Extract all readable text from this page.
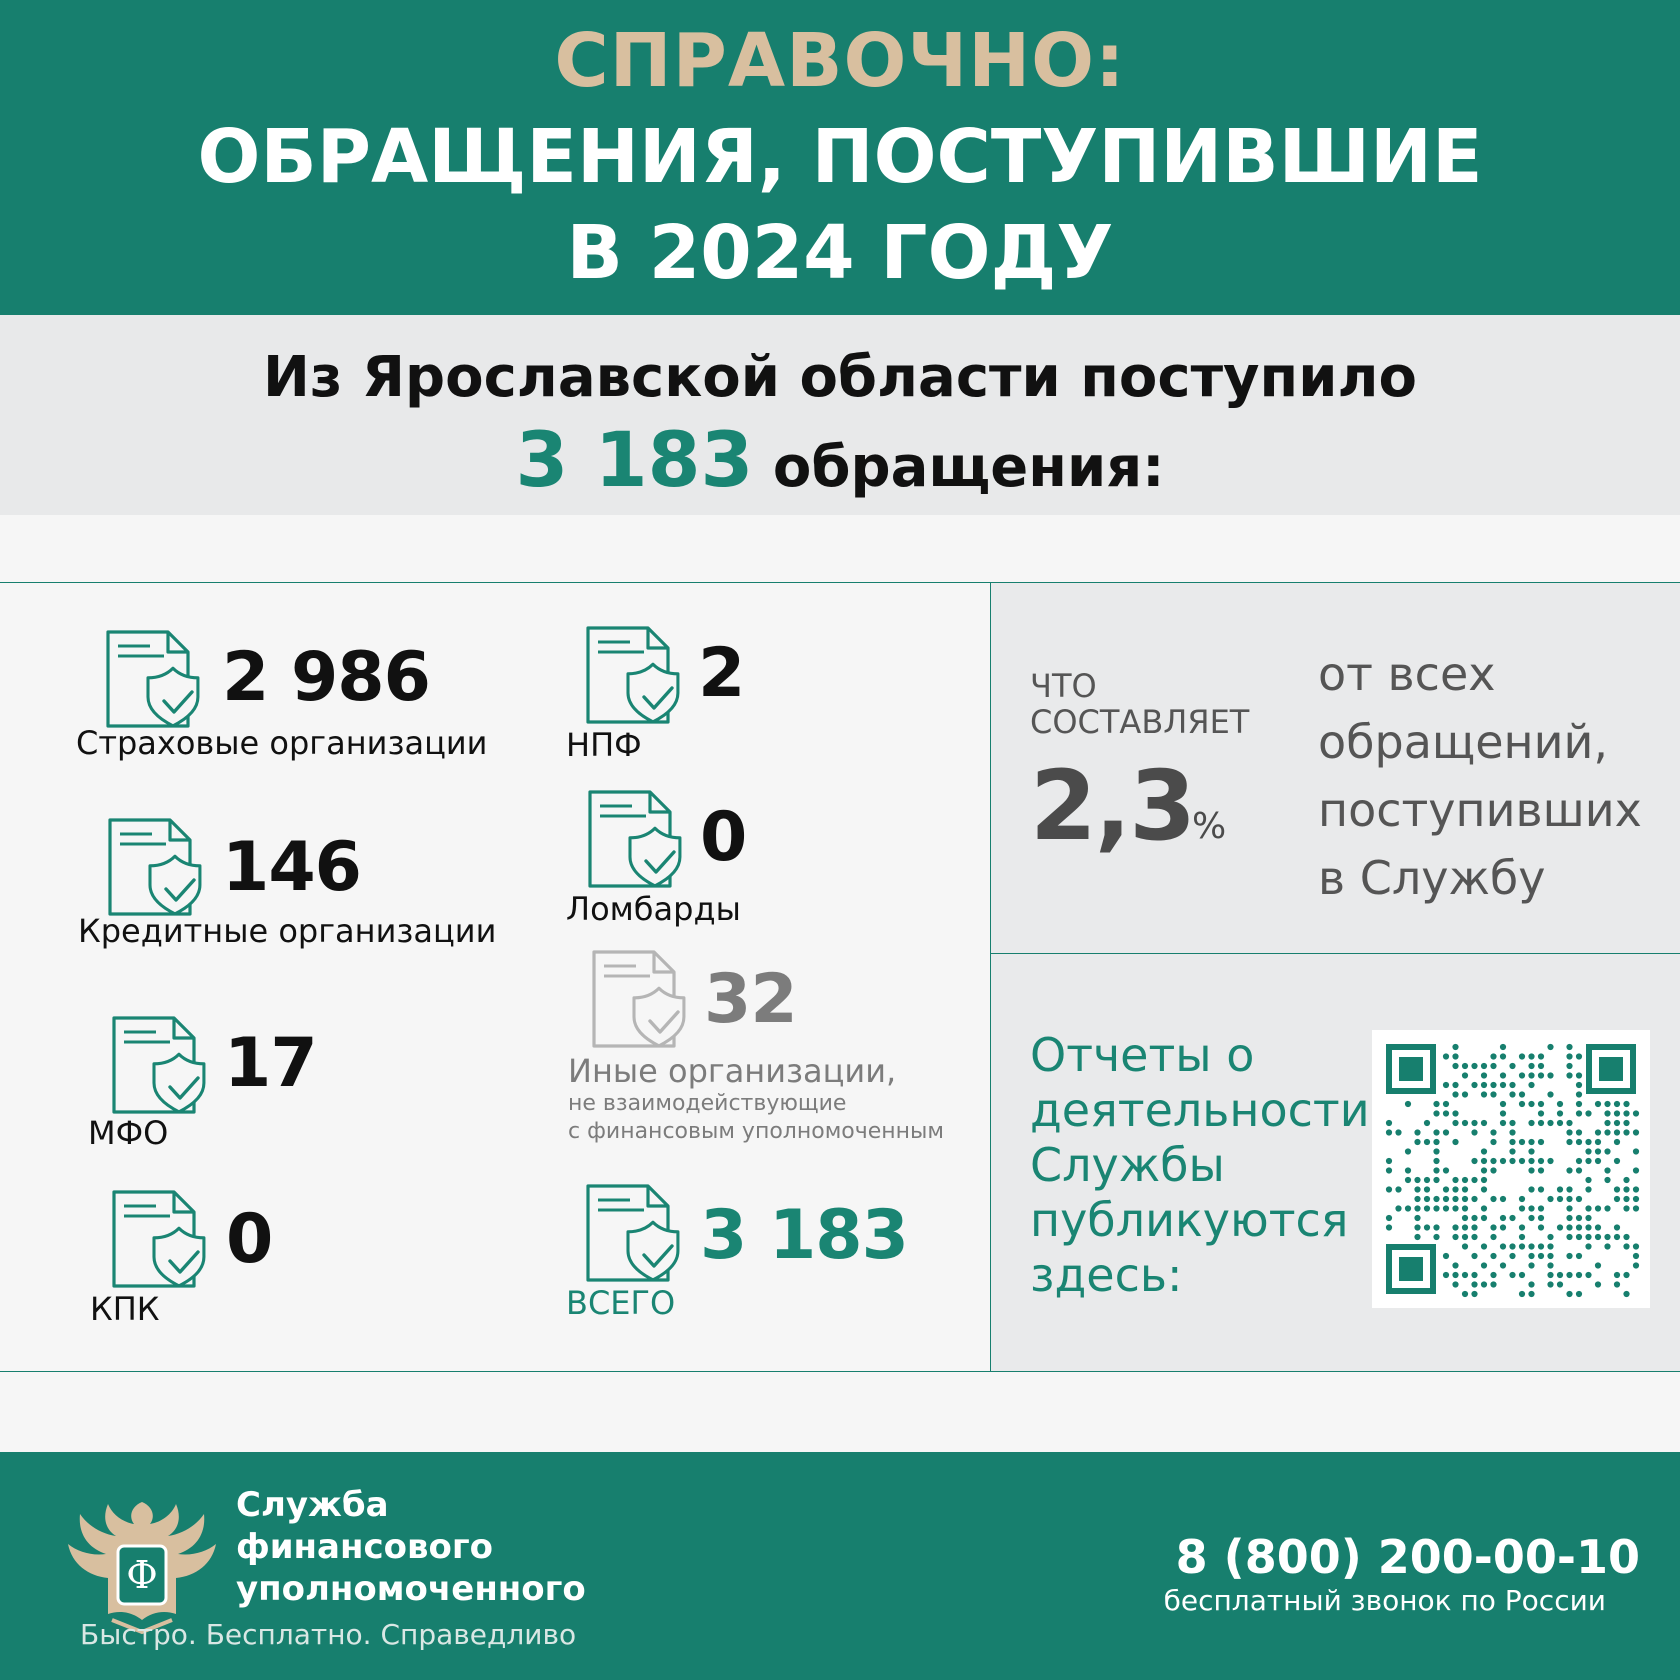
СПРАВОЧНО:
ОБРАЩЕНИЯ, ПОСТУПИВШИЕ
В 2024 ГОДУ
Из Ярославской области поступило
3 183 обращения:
2 986
Страховые организации
146
Кредитные организации
17
МФО
0
КПК
2
НПФ
0
Ломбарды
32
Иные организации,
не взаимодействующие
с финансовым уполномоченным
3 183
ВСЕГО
ЧТО
СОСТАВЛЯЕТ
2,3
%
от всех
обращений,
поступивших
в Службу
Отчеты о
деятельности
Службы
публикуются
здесь:
Ф
Служба
финансового
уполномоченного
Быстро. Бесплатно. Справедливо
8 (800) 200-00-10
бесплатный звонок по России
